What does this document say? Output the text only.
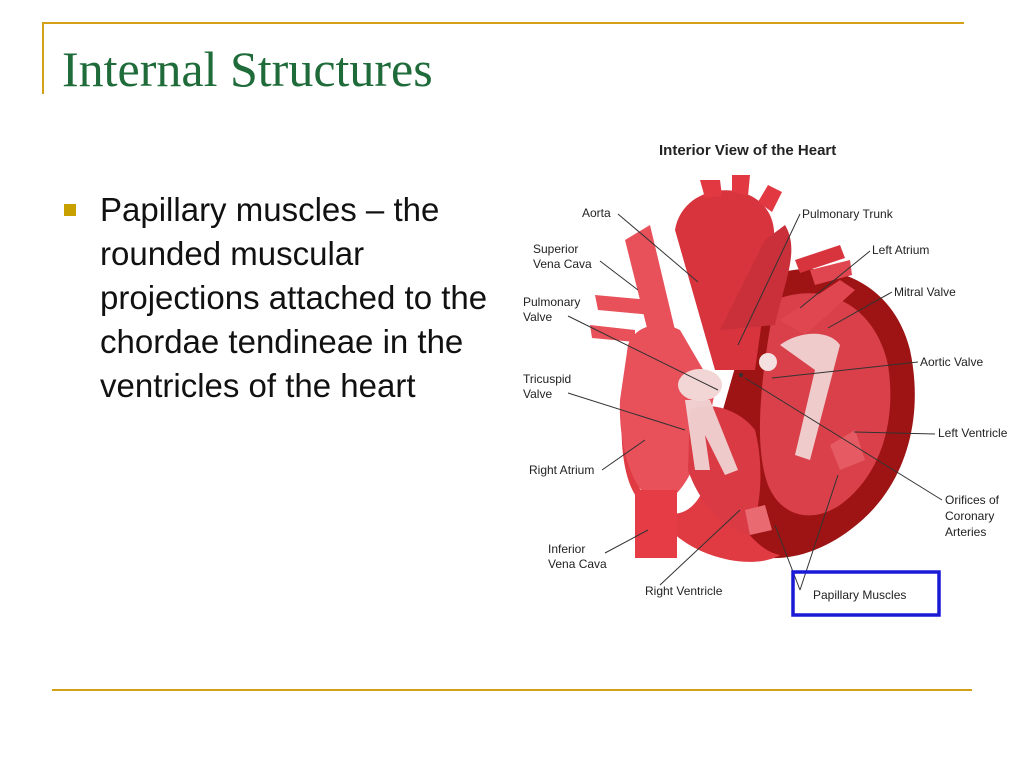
Internal Structures

Papillary muscles – the rounded muscular projections attached to the chordae tendineae in the ventricles of the heart

Interior View of the Heart
Aorta
Superior
Vena Cava
Pulmonary
Valve
Tricuspid
Valve
Right Atrium
Inferior
Vena Cava
Right Ventricle
Pulmonary Trunk
Left Atrium
Mitral Valve
Aortic Valve
Left Ventricle
Orifices of
Coronary
Arteries
Papillary Muscles
